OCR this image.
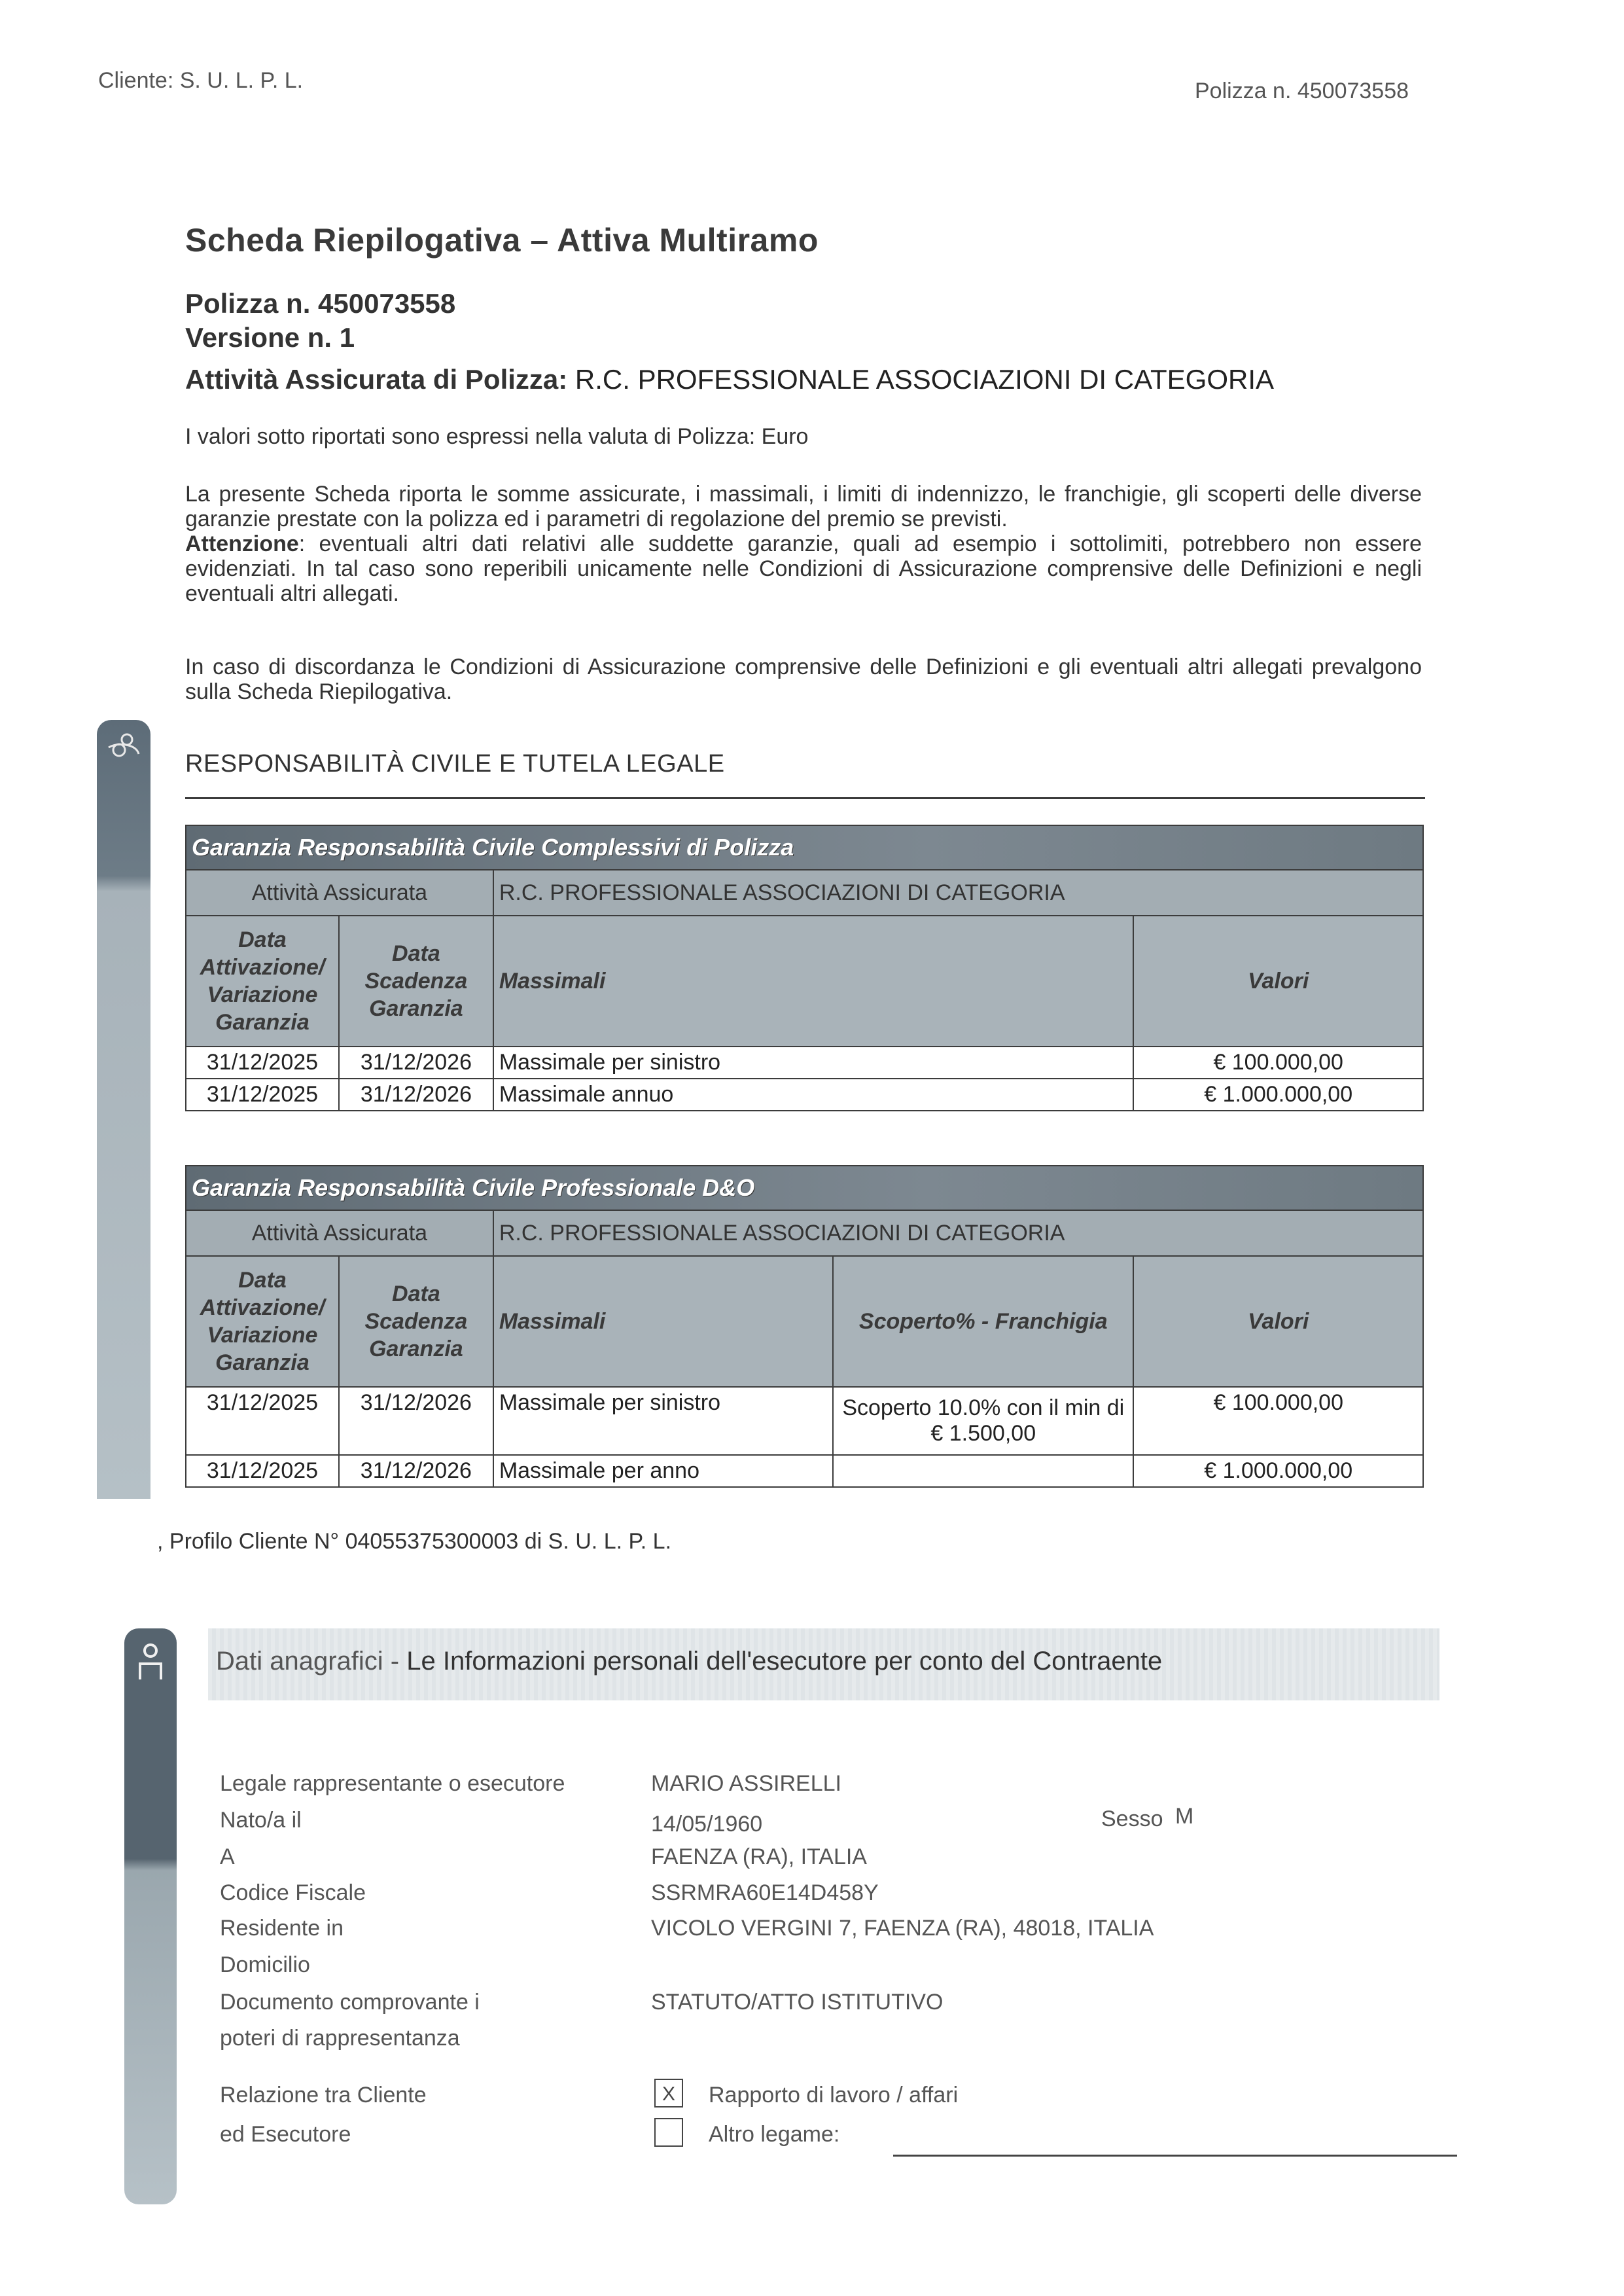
Cliente: S. U. L. P. L.	Polizza n. 450073558
Scheda Riepilogativa – Attiva Multiramo
Polizza n. 450073558
Versione n. 1
Attività Assicurata di Polizza: R.C. PROFESSIONALE ASSOCIAZIONI DI CATEGORIA
I valori sotto riportati sono espressi nella valuta di Polizza: Euro
La presente Scheda riporta le somme assicurate, i massimali, i limiti di indennizzo, le franchigie, gli scoperti delle diverse garanzie prestate con la polizza ed i parametri di regolazione del premio se previsti.
Attenzione: eventuali altri dati relativi alle suddette garanzie, quali ad esempio i sottolimiti, potrebbero non essere evidenziati. In tal caso sono reperibili unicamente nelle Condizioni di Assicurazione comprensive delle Definizioni e negli eventuali altri allegati.
In caso di discordanza le Condizioni di Assicurazione comprensive delle Definizioni e gli eventuali altri allegati prevalgono sulla Scheda Riepilogativa.
RESPONSABILITÀ CIVILE E TUTELA LEGALE
Garanzia Responsabilità Civile Complessivi di Polizza			
Attività Assicurata		R.C. PROFESSIONALE ASSOCIAZIONI DI CATEGORIA	
Data Attivazione/ Variazione Garanzia	Data Scadenza Garanzia	Massimali	Valori
31/12/2025	31/12/2026	Massimale per sinistro	€ 100.000,00
31/12/2025	31/12/2026	Massimale annuo	€ 1.000.000,00
Garanzia Responsabilità Civile Professionale D&O				
Attività Assicurata		R.C. PROFESSIONALE ASSOCIAZIONI DI CATEGORIA		
Data Attivazione/ Variazione Garanzia	Data Scadenza Garanzia	Massimali	Scoperto% - Franchigia	Valori
31/12/2025	31/12/2026	Massimale per sinistro	Scoperto 10.0% con il min di € 1.500,00	€ 100.000,00
31/12/2025	31/12/2026	Massimale per anno		€ 1.000.000,00
, Profilo Cliente N° 04055375300003 di S. U. L. P. L.
Dati anagrafici - Le Informazioni personali dell'esecutore per conto del Contraente
Legale rappresentante o esecutore	MARIO ASSIRELLI
Nato/a il	14/05/1960	Sesso M
A	FAENZA (RA), ITALIA
Codice Fiscale	SSRMRA60E14D458Y
Residente in	VICOLO VERGINI 7, FAENZA (RA), 48018, ITALIA
Domicilio
Documento comprovante i	STATUTO/ATTO ISTITUTIVO
poteri di rappresentanza
Relazione tra Cliente
ed Esecutore
X	Rapporto di lavoro / affari
Altro legame:
